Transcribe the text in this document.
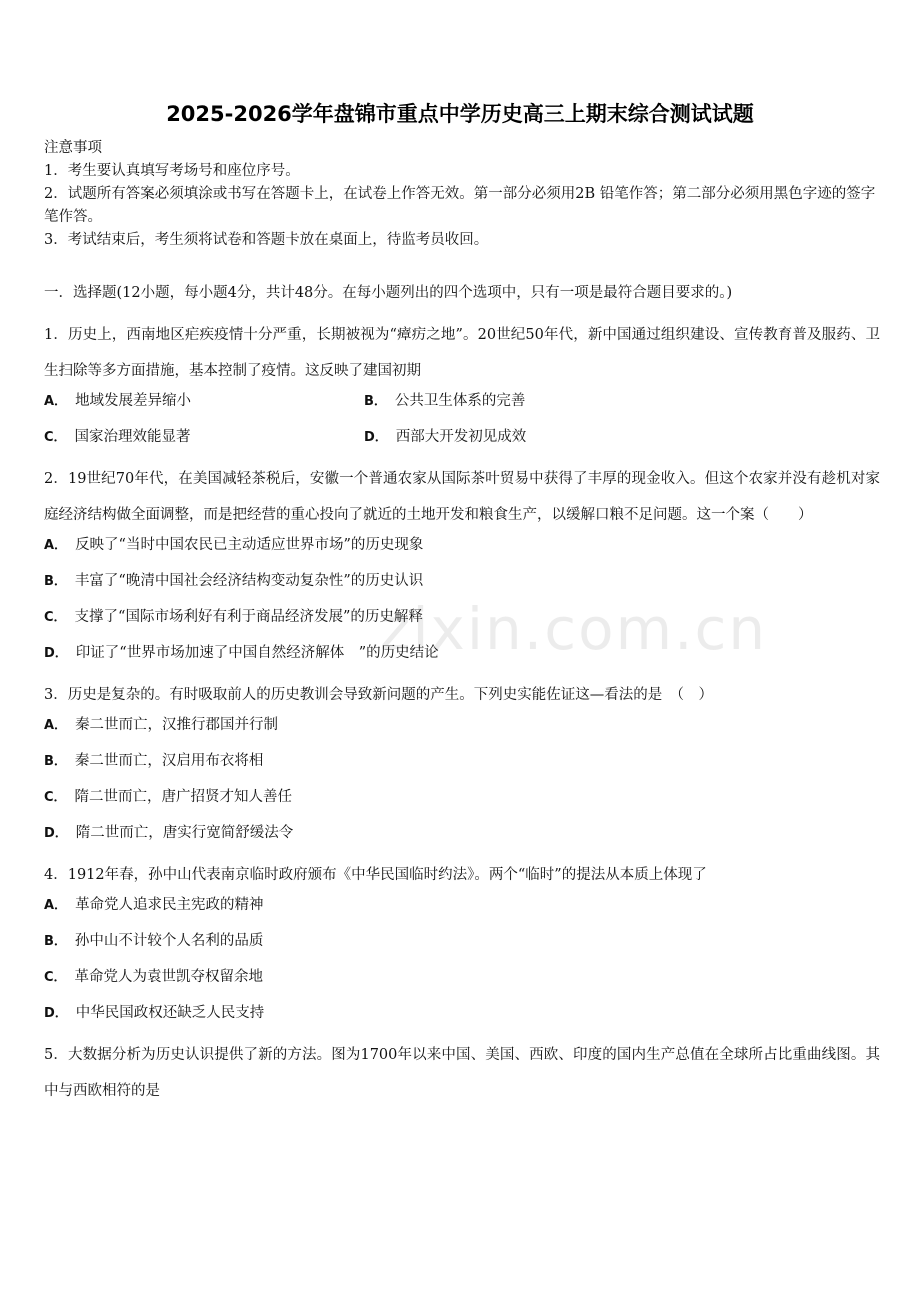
zixin.com.cn
2025-2026学年盘锦市重点中学历史高三上期末综合测试试题
注意事项
1．考生要认真填写考场号和座位序号。
2．试题所有答案必须填涂或书写在答题卡上，在试卷上作答无效。第一部分必须用2B 铅笔作答；第二部分必须用黑色字迹的签字笔作答。
3．考试结束后，考生须将试卷和答题卡放在桌面上，待监考员收回。
一．选择题(12小题，每小题4分，共计48分。在每小题列出的四个选项中，只有一项是最符合题目要求的。)
1．历史上，西南地区疟疾疫情十分严重，长期被视为“瘴疠之地”。20世纪50年代，新中国通过组织建设、宣传教育普及服药、卫生扫除等多方面措施，基本控制了疫情。这反映了建国初期
A． 地域发展差异缩小	B． 公共卫生体系的完善
C． 国家治理效能显著	D． 西部大开发初见成效
2．19世纪70年代，在美国减轻茶税后，安徽一个普通农家从国际茶叶贸易中获得了丰厚的现金收入。但这个农家并没有趁机对家庭经济结构做全面调整，而是把经营的重心投向了就近的土地开发和粮食生产，以缓解口粮不足问题。这一个案（　　）
A． 反映了“当时中国农民已主动适应世界市场”的历史现象
B． 丰富了“晚清中国社会经济结构变动复杂性”的历史认识
C． 支撑了“国际市场利好有利于商品经济发展”的历史解释
D． 印证了“世界市场加速了中国自然经济解体　”的历史结论
3．历史是复杂的。有时吸取前人的历史教训会导致新问题的产生。下列史实能佐证这—看法的是　（　）
A． 秦二世而亡，汉推行郡国并行制
B． 秦二世而亡，汉启用布衣将相
C． 隋二世而亡，唐广招贤才知人善任
D． 隋二世而亡，唐实行宽简舒缓法令
4．1912年春，孙中山代表南京临时政府颁布《中华民国临时约法》。两个“临时”的提法从本质上体现了
A． 革命党人追求民主宪政的精神
B． 孙中山不计较个人名利的品质
C． 革命党人为袁世凯夺权留余地
D． 中华民国政权还缺乏人民支持
5．大数据分析为历史认识提供了新的方法。图为1700年以来中国、美国、西欧、印度的国内生产总值在全球所占比重曲线图。其中与西欧相符的是
